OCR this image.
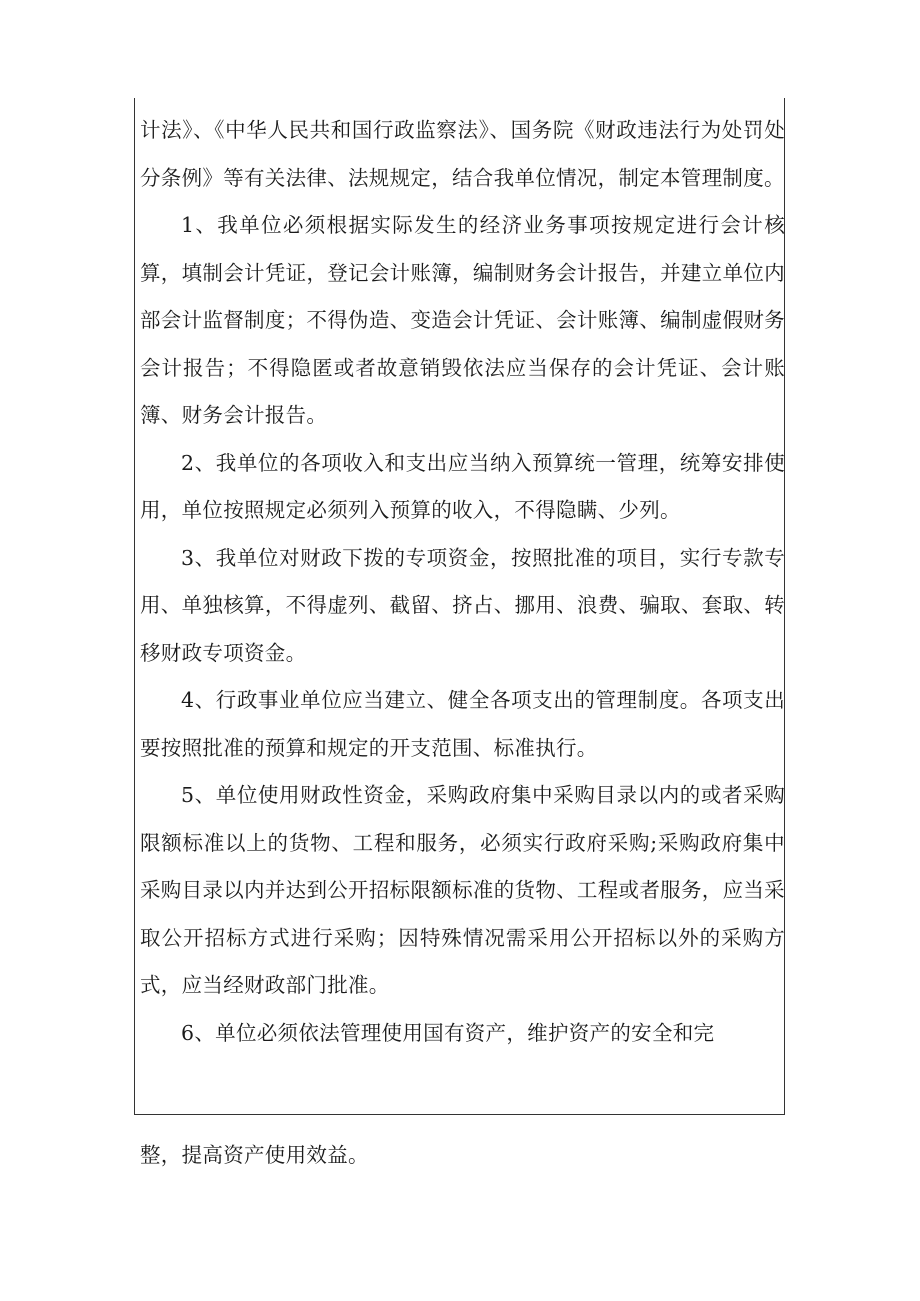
计法》、《中华人民共和国行政监察法》、国务院《财政违法行为处罚处分条例》等有关法律、法规规定，结合我单位情况，制定本管理制度。

1、我单位必须根据实际发生的经济业务事项按规定进行会计核算，填制会计凭证，登记会计账簿，编制财务会计报告，并建立单位内部会计监督制度；不得伪造、变造会计凭证、会计账簿、编制虚假财务会计报告；不得隐匿或者故意销毁依法应当保存的会计凭证、会计账簿、财务会计报告。

2、我单位的各项收入和支出应当纳入预算统一管理，统筹安排使用，单位按照规定必须列入预算的收入，不得隐瞒、少列。

3、我单位对财政下拨的专项资金，按照批准的项目，实行专款专用、单独核算，不得虚列、截留、挤占、挪用、浪费、骗取、套取、转移财政专项资金。

4、行政事业单位应当建立、健全各项支出的管理制度。各项支出要按照批准的预算和规定的开支范围、标准执行。

5、单位使用财政性资金，采购政府集中采购目录以内的或者采购限额标准以上的货物、工程和服务，必须实行政府采购;采购政府集中采购目录以内并达到公开招标限额标准的货物、工程或者服务，应当采取公开招标方式进行采购；因特殊情况需采用公开招标以外的采购方式，应当经财政部门批准。

6、单位必须依法管理使用国有资产，维护资产的安全和完

整，提高资产使用效益。
